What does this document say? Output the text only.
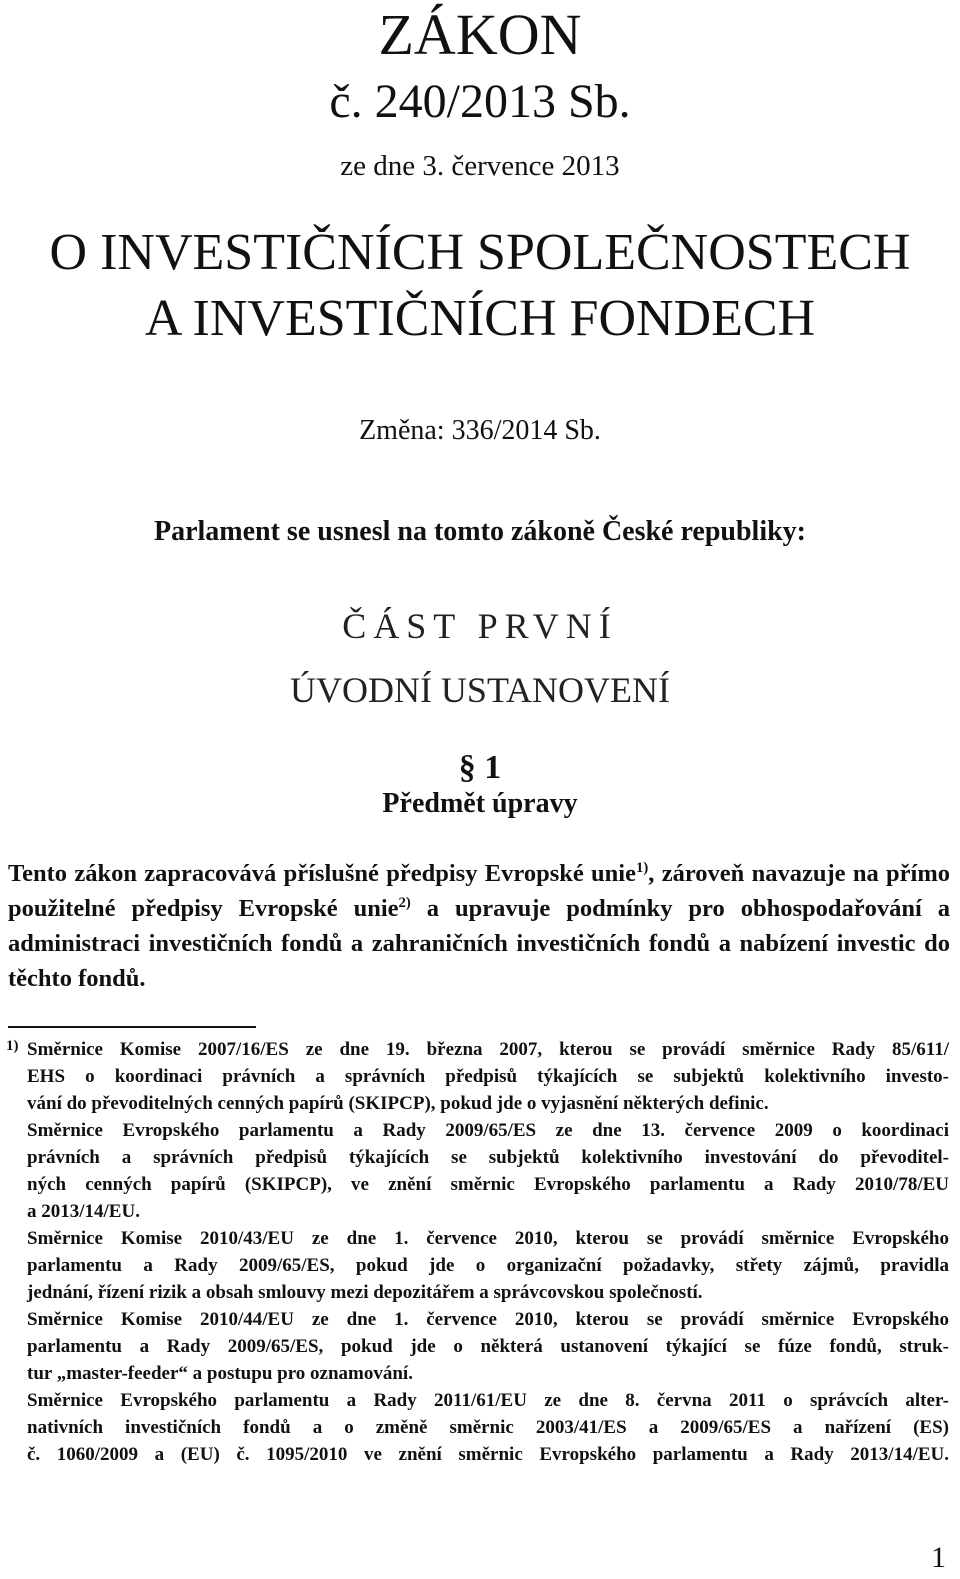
ZÁKON
č. 240/2013 Sb.
ze dne 3. července 2013
O INVESTIČNÍCH SPOLEČNOSTECH
A INVESTIČNÍCH FONDECH
Změna: 336/2014 Sb.
Parlament se usnesl na tomto zákoně České republiky:
ČÁST PRVNÍ
ÚVODNÍ USTANOVENÍ
§ 1
Předmět úpravy

Tento zákon zapracovává příslušné předpisy Evropské unie$^{1)}$, zároveň navazuje na přímo použitelné předpisy Evropské unie$^{2)}$ a upravuje podmínky pro obhospodařování a administraci investičních fondů a zahraničních investičních fondů a nabízení investic do těchto fondů.

1) Směrnice Komise 2007/16/ES ze dne 19. března 2007, kterou se provádí směrnice Rady 85/611/

EHS o koordinaci právních a správních předpisů týkajících se subjektů kolektivního investo-

vání do převoditelných cenných papírů (SKIPCP), pokud jde o vyjasnění některých definic.

Směrnice Evropského parlamentu a Rady 2009/65/ES ze dne 13. července 2009 o koordinaci

právních a správních předpisů týkajících se subjektů kolektivního investování do převoditel-

ných cenných papírů (SKIPCP), ve znění směrnic Evropského parlamentu a Rady 2010/78/EU

a 2013/14/EU.

Směrnice Komise 2010/43/EU ze dne 1. července 2010, kterou se provádí směrnice Evropského

parlamentu a Rady 2009/65/ES, pokud jde o organizační požadavky, střety zájmů, pravidla

jednání, řízení rizik a obsah smlouvy mezi depozitářem a správcovskou společností.

Směrnice Komise 2010/44/EU ze dne 1. července 2010, kterou se provádí směrnice Evropského

parlamentu a Rady 2009/65/ES, pokud jde o některá ustanovení týkající se fúze fondů, struk-

tur „master-feeder“ a postupu pro oznamování.

Směrnice Evropského parlamentu a Rady 2011/61/EU ze dne 8. června 2011 o správcích alter-

nativních investičních fondů a o změně směrnic 2003/41/ES a 2009/65/ES a nařízení (ES)

č. 1060/2009 a (EU) č. 1095/2010 ve znění směrnic Evropského parlamentu a Rady 2013/14/EU.

1
